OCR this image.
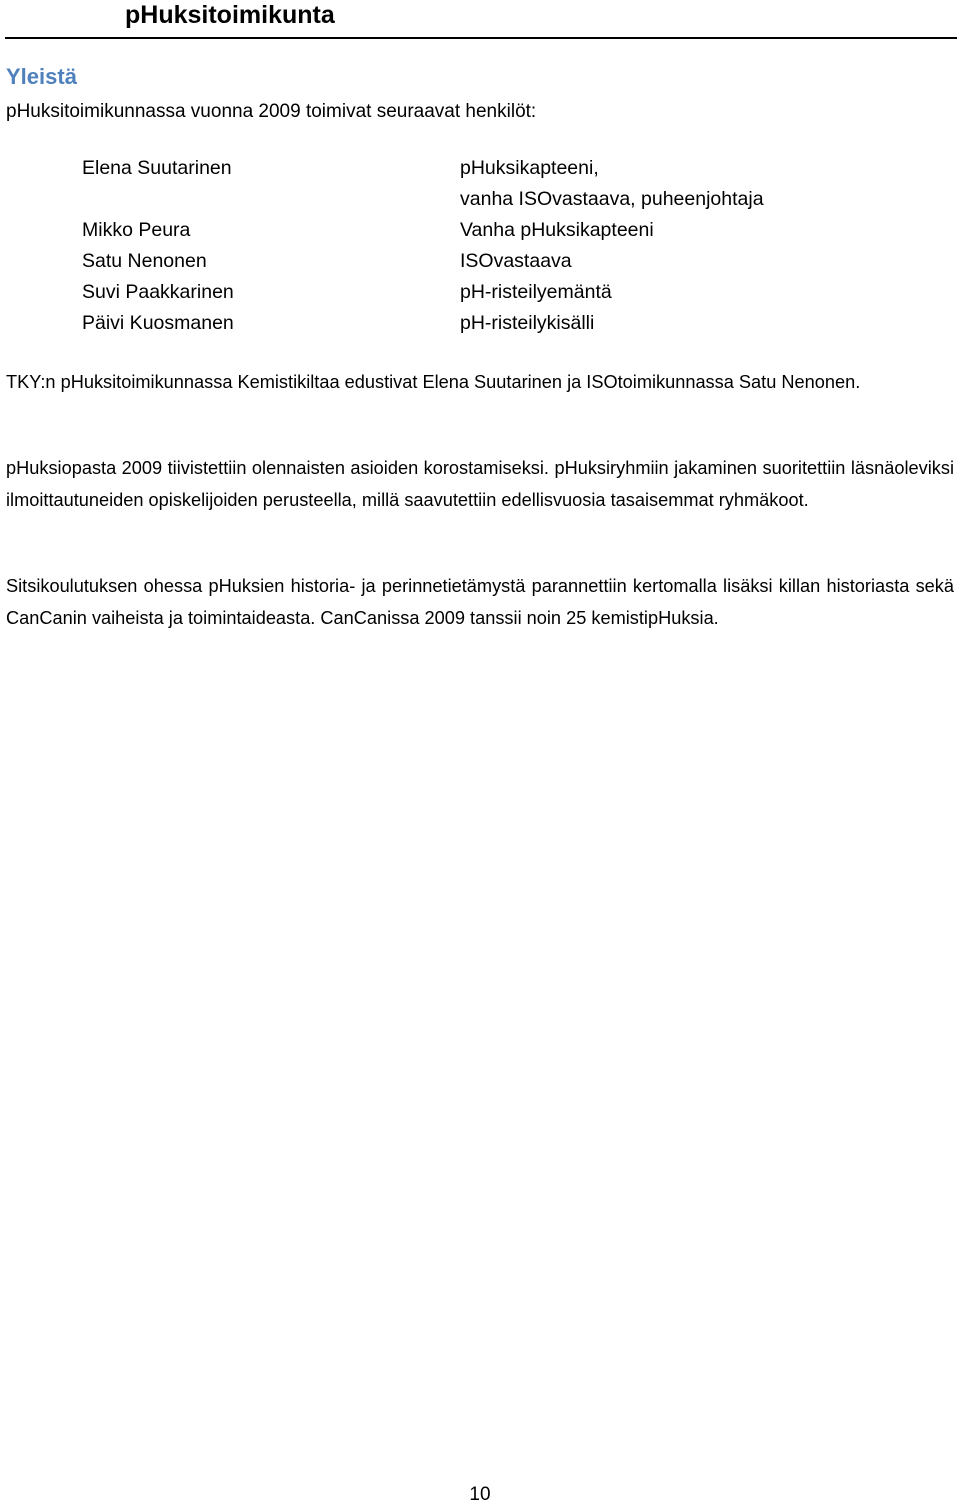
pHuksitoimikunta
Yleistä
pHuksitoimikunnassa vuonna 2009 toimivat seuraavat henkilöt:
Elena Suutarinen	pHuksikapteeni,
vanha ISOvastaava, puheenjohtaja
Mikko Peura	Vanha pHuksikapteeni
Satu Nenonen	ISOvastaava
Suvi Paakkarinen	pH-risteilyemäntä
Päivi Kuosmanen	pH-risteilykisälli

TKY:n pHuksitoimikunnassa Kemistikiltaa edustivat Elena Suutarinen ja ISOtoimikunnassa Satu Nenonen.

pHuksiopasta 2009 tiivistettiin olennaisten asioiden korostamiseksi. pHuksiryhmiin jakaminen suoritettiin läsnäoleviksi ilmoittautuneiden opiskelijoiden perusteella, millä saavutettiin edellisvuosia tasaisemmat ryhmäkoot.

Sitsikoulutuksen ohessa pHuksien historia- ja perinnetietämystä parannettiin kertomalla lisäksi killan historiasta sekä CanCanin vaiheista ja toimintaideasta. CanCanissa 2009 tanssii noin 25 kemistipHuksia.

10
